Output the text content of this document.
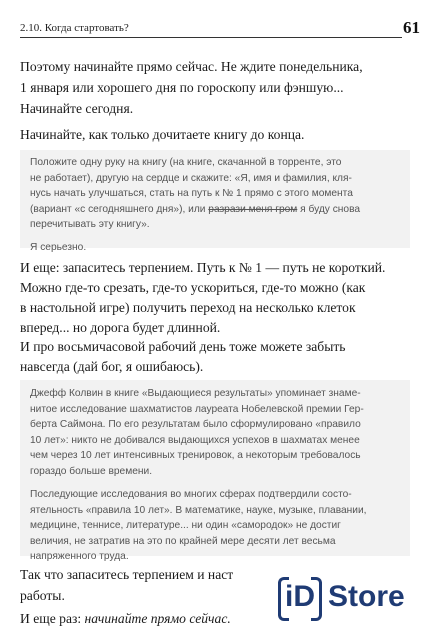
2.10. Когда стартовать?	61

Поэтому начинайте прямо сейчас. Не ждите понедельника,
1 января или хорошего дня по гороскопу или фэншую...

Начинайте сегодня.

Начинайте, как только дочитаете книгу до конца.

Положите одну руку на книгу (на книге, скачанной в торренте, это
не работает), другую на сердце и скажите: «Я, имя и фамилия, кля-
нусь начать улучшаться, стать на путь к № 1 прямо с этого момента
(вариант «с сегодняшнего дня»), или разрази меня гром я буду снова
перечитывать эту книгу».

Я серьезно.

И еще: запаситесь терпением. Путь к № 1 — путь не короткий.
Можно где-то срезать, где-то ускориться, где-то можно (как
в настольной игре) получить переход на несколько клеток
вперед... но дорога будет длинной.

И про восьмичасовой рабочий день тоже можете забыть
навсегда (дай бог, я ошибаюсь).

Джефф Колвин в книге «Выдающиеся результаты» упоминает знаме-
нитое исследование шахматистов лауреата Нобелевской премии Гер-
берта Саймона. По его результатам было сформулировано «правило
10 лет»: никто не добивался выдающихся успехов в шахматах менее
чем через 10 лет интенсивных тренировок, а некоторым требовалось
гораздо больше времени.

Последующие исследования во многих сферах подтвердили состо-
ятельность «правила 10 лет». В математике, науке, музыке, плавании,
медицине, теннисе, литературе... ни один «самородок» не достиг
величия, не затратив на это по крайней мере десяти лет весьма
напряженного труда.

Так что запаситесь терпением и наст
работы.

И еще раз: начинайте прямо сейчас.

iD Store
